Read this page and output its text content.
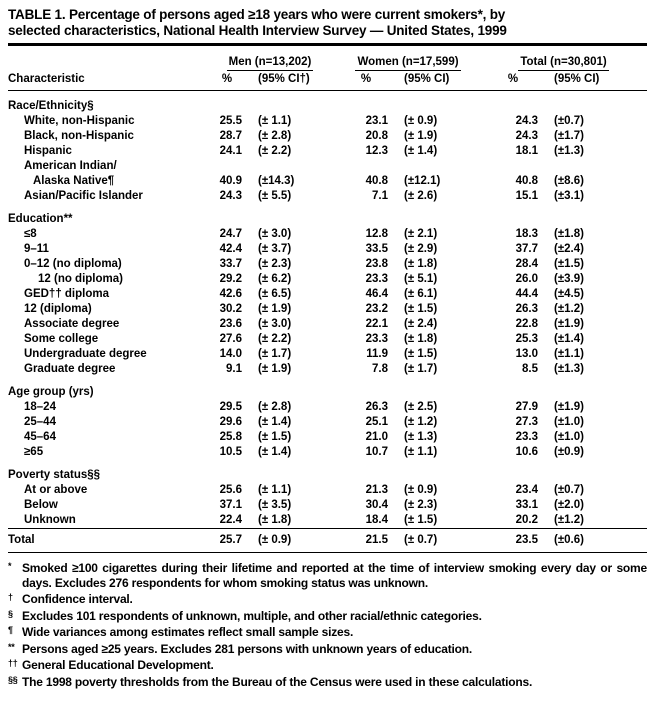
TABLE 1. Percentage of persons aged ≥18 years who were current smokers*, by
selected characteristics, National Health Interview Survey — United States, 1999
	Men (n=13,202)		Women (n=17,599)		Total (n=30,801)	
Characteristic	%	(95% CI†)	%	(95% CI)	%	(95% CI)
Race/Ethnicity§						

White, non-Hispanic	25.5	(± 1.1)	23.1	(± 0.9)	24.3	(±0.7)

Black, non-Hispanic	28.7	(± 2.8)	20.8	(± 1.9)	24.3	(±1.7)

Hispanic	24.1	(± 2.2)	12.3	(± 1.4)	18.1	(±1.3)

American Indian/
Alaska Native¶	40.9	(±14.3)	40.8	(±12.1)	40.8	(±8.6)

Asian/Pacific Islander	24.3	(± 5.5)	7.1	(± 2.6)	15.1	(±3.1)
Education**						

≤8	24.7	(± 3.0)	12.8	(± 2.1)	18.3	(±1.8)

9–11	42.4	(± 3.7)	33.5	(± 2.9)	37.7	(±2.4)

0–12 (no diploma)	33.7	(± 2.3)	23.8	(± 1.8)	28.4	(±1.5)

12 (no diploma)	29.2	(± 6.2)	23.3	(± 5.1)	26.0	(±3.9)

GED†† diploma	42.6	(± 6.5)	46.4	(± 6.1)	44.4	(±4.5)

12 (diploma)	30.2	(± 1.9)	23.2	(± 1.5)	26.3	(±1.2)

Associate degree	23.6	(± 3.0)	22.1	(± 2.4)	22.8	(±1.9)

Some college	27.6	(± 2.2)	23.3	(± 1.8)	25.3	(±1.4)

Undergraduate degree	14.0	(± 1.7)	11.9	(± 1.5)	13.0	(±1.1)

Graduate degree	9.1	(± 1.9)	7.8	(± 1.7)	8.5	(±1.3)
Age group (yrs)						

18–24	29.5	(± 2.8)	26.3	(± 2.5)	27.9	(±1.9)

25–44	29.6	(± 1.4)	25.1	(± 1.2)	27.3	(±1.0)

45–64	25.8	(± 1.5)	21.0	(± 1.3)	23.3	(±1.0)

≥65	10.5	(± 1.4)	10.7	(± 1.1)	10.6	(±0.9)
Poverty status§§						

At or above	25.6	(± 1.1)	21.3	(± 0.9)	23.4	(±0.7)

Below	37.1	(± 3.5)	30.4	(± 2.3)	33.1	(±2.0)

Unknown	22.4	(± 1.8)	18.4	(± 1.5)	20.2	(±1.2)
Total	25.7	(± 0.9)	21.5	(± 0.7)	23.5	(±0.6)
* Smoked ≥100 cigarettes during their lifetime and reported at the time of interview smoking every day or some days. Excludes 276 respondents for whom smoking status was unknown.
† Confidence interval.
§ Excludes 101 respondents of unknown, multiple, and other racial/ethnic categories.
¶ Wide variances among estimates reflect small sample sizes.
** Persons aged ≥25 years. Excludes 281 persons with unknown years of education.
†† General Educational Development.
§§ The 1998 poverty thresholds from the Bureau of the Census were used in these calculations.
